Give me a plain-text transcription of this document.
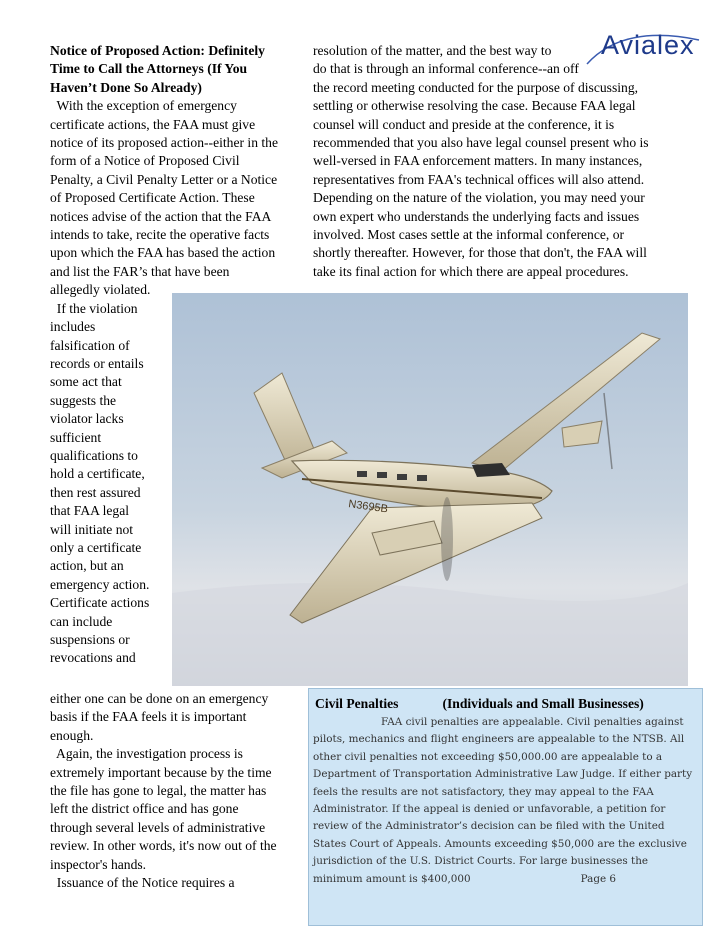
Avialex
Notice of Proposed Action: Definitely
Time to Call the Attorneys (If You
Haven’t Done So Already)
With the exception of emergency
certificate actions, the FAA must give
notice of its proposed action--either in the
form of a Notice of Proposed Civil
Penalty, a Civil Penalty Letter or a Notice
of Proposed Certificate Action. These
notices advise of the action that the FAA
intends to take, recite the operative facts
upon which the FAA has based the action
and list the FAR’s that have been
allegedly violated.
If the violation
includes
falsification of
records or entails
some act that
suggests the
violator lacks
sufficient
qualifications to
hold a certificate,
then rest assured
that FAA legal
will initiate not
only a certificate
action, but an
emergency action.
Certificate actions
can include
suspensions or
revocations and
resolution of the matter, and the best way to
do that is through an informal conference--an off
the record meeting conducted for the purpose of discussing,
settling or otherwise resolving the case. Because FAA legal
counsel will conduct and preside at the conference, it is
recommended that you also have legal counsel present who is
well-versed in FAA enforcement matters. In many instances,
representatives from FAA's technical offices will also attend.
Depending on the nature of the violation, you may need your
own expert who understands the underlying facts and issues
involved. Most cases settle at the informal conference, or
shortly thereafter. However, for those that don't, the FAA will
take its final action for which there are appeal procedures.
N3695B
either one can be done on an emergency
basis if the FAA feels it is important
enough.
Again, the investigation process is
extremely important because by the time
the file has gone to legal, the matter has
left the district office and has gone
through several levels of administrative
review. In other words, it's now out of the
inspector's hands.
Issuance of the Notice requires a
Civil Penalties	(Individuals and Small Businesses)
FAA civil penalties are appealable. Civil penalties against
pilots, mechanics and flight engineers are appealable to the NTSB. All
other civil penalties not exceeding $50,000.00 are appealable to a
Department of Transportation Administrative Law Judge. If either party
feels the results are not satisfactory, they may appeal to the FAA
Administrator. If the appeal is denied or unfavorable, a petition for
review of the Administrator’s decision can be filed with the United
States Court of Appeals. Amounts exceeding $50,000 are the exclusive
jurisdiction of the U.S. District Courts. For large businesses the
minimum amount is $400,000	Page 6
